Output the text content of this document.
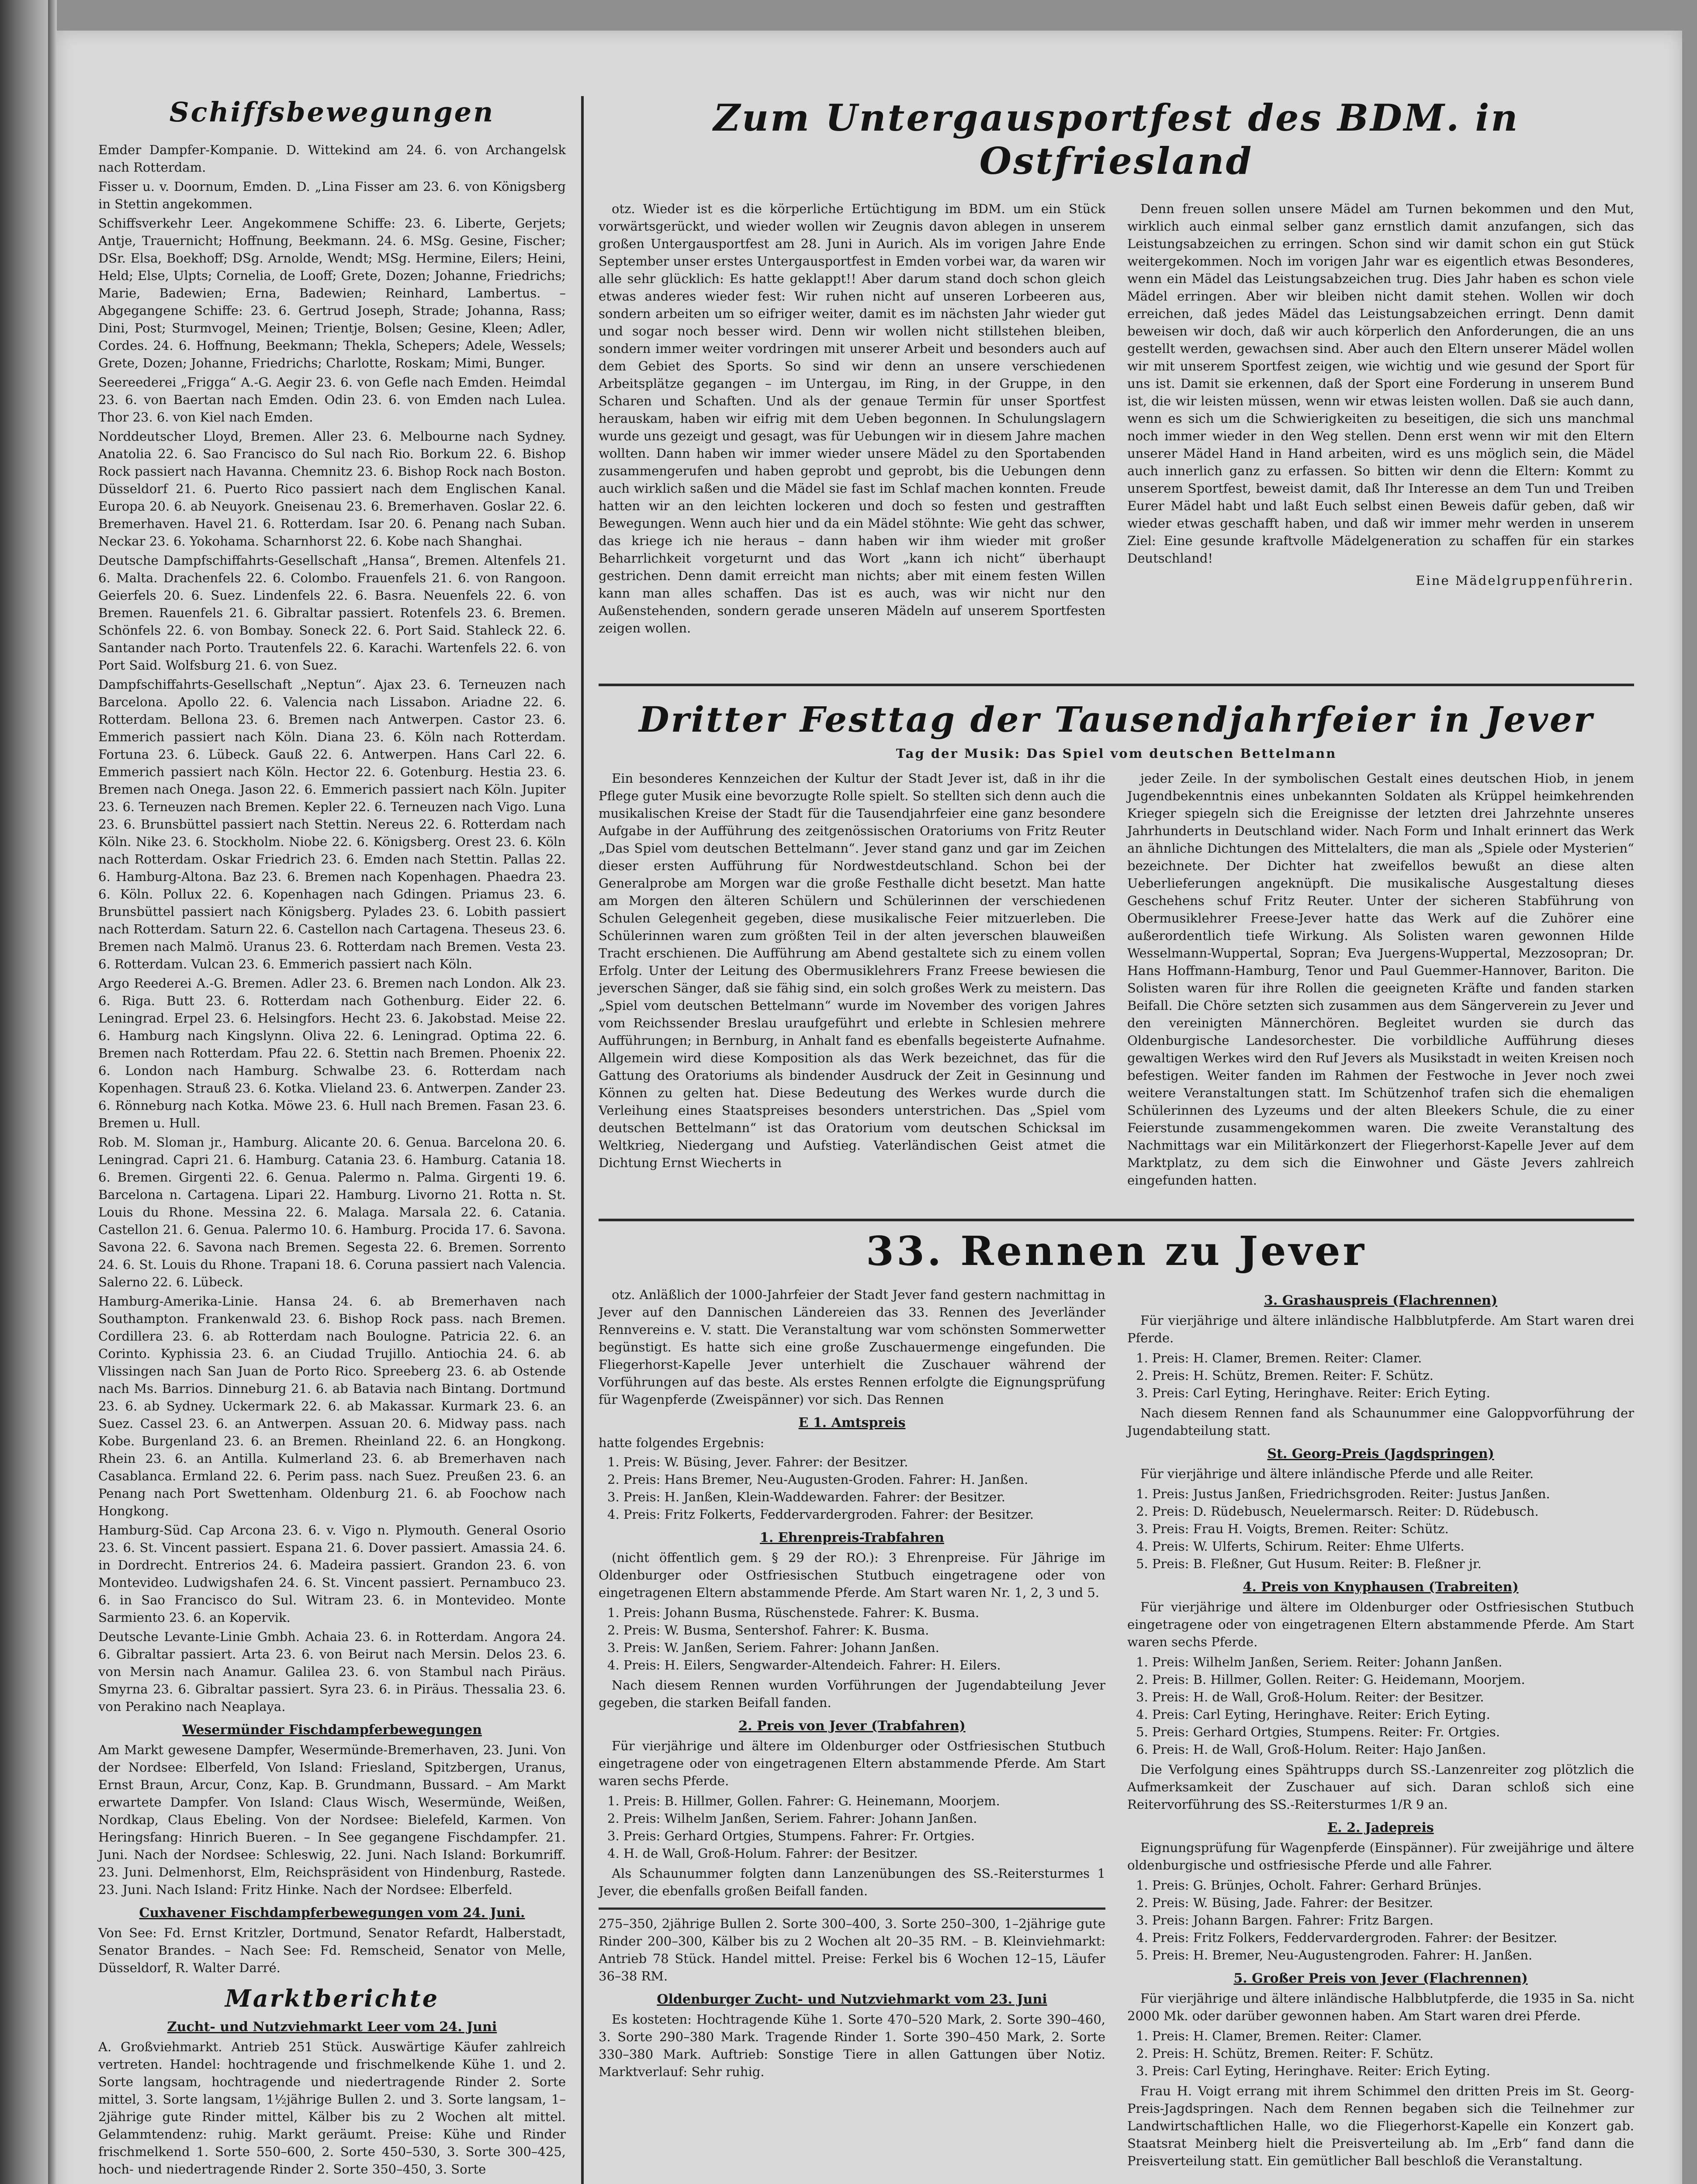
Schiffsbewegungen

Emder Dampfer-Kompanie. D. Wittekind am 24. 6. von Archangelsk nach Rotterdam.

Fisser u. v. Doornum, Emden. D. „Lina Fisser am 23. 6. von Königsberg in Stettin angekommen.

Schiffsverkehr Leer. Angekommene Schiffe: 23. 6. Liberte, Gerjets; Antje, Trauernicht; Hoffnung, Beekmann. 24. 6. MSg. Gesine, Fischer; DSr. Elsa, Boekhoff; DSg. Arnolde, Wendt; MSg. Hermine, Eilers; Heini, Held; Else, Ulpts; Cornelia, de Looff; Grete, Dozen; Johanne, Friedrichs; Marie, Badewien; Erna, Badewien; Reinhard, Lambertus. – Abgegangene Schiffe: 23. 6. Gertrud Joseph, Strade; Johanna, Rass; Dini, Post; Sturmvogel, Meinen; Trientje, Bolsen; Gesine, Kleen; Adler, Cordes. 24. 6. Hoffnung, Beekmann; Thekla, Schepers; Adele, Wessels; Grete, Dozen; Johanne, Friedrichs; Charlotte, Roskam; Mimi, Bunger.

Seereederei „Frigga“ A.-G. Aegir 23. 6. von Gefle nach Emden. Heimdal 23. 6. von Baertan nach Emden. Odin 23. 6. von Emden nach Lulea. Thor 23. 6. von Kiel nach Emden.

Norddeutscher Lloyd, Bremen. Aller 23. 6. Melbourne nach Sydney. Anatolia 22. 6. Sao Francisco do Sul nach Rio. Borkum 22. 6. Bishop Rock passiert nach Havanna. Chemnitz 23. 6. Bishop Rock nach Boston. Düsseldorf 21. 6. Puerto Rico passiert nach dem Englischen Kanal. Europa 20. 6. ab Neuyork. Gneisenau 23. 6. Bremerhaven. Goslar 22. 6. Bremerhaven. Havel 21. 6. Rotterdam. Isar 20. 6. Penang nach Suban. Neckar 23. 6. Yokohama. Scharnhorst 22. 6. Kobe nach Shanghai.

Deutsche Dampfschiffahrts-Gesellschaft „Hansa“, Bremen. Altenfels 21. 6. Malta. Drachenfels 22. 6. Colombo. Frauenfels 21. 6. von Rangoon. Geierfels 20. 6. Suez. Lindenfels 22. 6. Basra. Neuenfels 22. 6. von Bremen. Rauenfels 21. 6. Gibraltar passiert. Rotenfels 23. 6. Bremen. Schönfels 22. 6. von Bombay. Soneck 22. 6. Port Said. Stahleck 22. 6. Santander nach Porto. Trautenfels 22. 6. Karachi. Wartenfels 22. 6. von Port Said. Wolfsburg 21. 6. von Suez.

Dampfschiffahrts-Gesellschaft „Neptun“. Ajax 23. 6. Terneuzen nach Barcelona. Apollo 22. 6. Valencia nach Lissabon. Ariadne 22. 6. Rotterdam. Bellona 23. 6. Bremen nach Antwerpen. Castor 23. 6. Emmerich passiert nach Köln. Diana 23. 6. Köln nach Rotterdam. Fortuna 23. 6. Lübeck. Gauß 22. 6. Antwerpen. Hans Carl 22. 6. Emmerich passiert nach Köln. Hector 22. 6. Gotenburg. Hestia 23. 6. Bremen nach Onega. Jason 22. 6. Emmerich passiert nach Köln. Jupiter 23. 6. Terneuzen nach Bremen. Kepler 22. 6. Terneuzen nach Vigo. Luna 23. 6. Brunsbüttel passiert nach Stettin. Nereus 22. 6. Rotterdam nach Köln. Nike 23. 6. Stockholm. Niobe 22. 6. Königsberg. Orest 23. 6. Köln nach Rotterdam. Oskar Friedrich 23. 6. Emden nach Stettin. Pallas 22. 6. Hamburg-Altona. Baz 23. 6. Bremen nach Kopenhagen. Phaedra 23. 6. Köln. Pollux 22. 6. Kopenhagen nach Gdingen. Priamus 23. 6. Brunsbüttel passiert nach Königsberg. Pylades 23. 6. Lobith passiert nach Rotterdam. Saturn 22. 6. Castellon nach Cartagena. Theseus 23. 6. Bremen nach Malmö. Uranus 23. 6. Rotterdam nach Bremen. Vesta 23. 6. Rotterdam. Vulcan 23. 6. Emmerich passiert nach Köln.

Argo Reederei A.-G. Bremen. Adler 23. 6. Bremen nach London. Alk 23. 6. Riga. Butt 23. 6. Rotterdam nach Gothenburg. Eider 22. 6. Leningrad. Erpel 23. 6. Helsingfors. Hecht 23. 6. Jakobstad. Meise 22. 6. Hamburg nach Kingslynn. Oliva 22. 6. Leningrad. Optima 22. 6. Bremen nach Rotterdam. Pfau 22. 6. Stettin nach Bremen. Phoenix 22. 6. London nach Hamburg. Schwalbe 23. 6. Rotterdam nach Kopenhagen. Strauß 23. 6. Kotka. Vlieland 23. 6. Antwerpen. Zander 23. 6. Rönneburg nach Kotka. Möwe 23. 6. Hull nach Bremen. Fasan 23. 6. Bremen u. Hull.

Rob. M. Sloman jr., Hamburg. Alicante 20. 6. Genua. Barcelona 20. 6. Leningrad. Capri 21. 6. Hamburg. Catania 23. 6. Hamburg. Catania 18. 6. Bremen. Girgenti 22. 6. Genua. Palermo n. Palma. Girgenti 19. 6. Barcelona n. Cartagena. Lipari 22. Hamburg. Livorno 21. Rotta n. St. Louis du Rhone. Messina 22. 6. Malaga. Marsala 22. 6. Catania. Castellon 21. 6. Genua. Palermo 10. 6. Hamburg. Procida 17. 6. Savona. Savona 22. 6. Savona nach Bremen. Segesta 22. 6. Bremen. Sorrento 24. 6. St. Louis du Rhone. Trapani 18. 6. Coruna passiert nach Valencia. Salerno 22. 6. Lübeck.

Hamburg-Amerika-Linie. Hansa 24. 6. ab Bremerhaven nach Southampton. Frankenwald 23. 6. Bishop Rock pass. nach Bremen. Cordillera 23. 6. ab Rotterdam nach Boulogne. Patricia 22. 6. an Corinto. Kyphissia 23. 6. an Ciudad Trujillo. Antiochia 24. 6. ab Vlissingen nach San Juan de Porto Rico. Spreeberg 23. 6. ab Ostende nach Ms. Barrios. Dinneburg 21. 6. ab Batavia nach Bintang. Dortmund 23. 6. ab Sydney. Uckermark 22. 6. ab Makassar. Kurmark 23. 6. an Suez. Cassel 23. 6. an Antwerpen. Assuan 20. 6. Midway pass. nach Kobe. Burgenland 23. 6. an Bremen. Rheinland 22. 6. an Hongkong. Rhein 23. 6. an Antilla. Kulmerland 23. 6. ab Bremerhaven nach Casablanca. Ermland 22. 6. Perim pass. nach Suez. Preußen 23. 6. an Penang nach Port Swettenham. Oldenburg 21. 6. ab Foochow nach Hongkong.

Hamburg-Süd. Cap Arcona 23. 6. v. Vigo n. Plymouth. General Osorio 23. 6. St. Vincent passiert. Espana 21. 6. Dover passiert. Amassia 24. 6. in Dordrecht. Entrerios 24. 6. Madeira passiert. Grandon 23. 6. von Montevideo. Ludwigshafen 24. 6. St. Vincent passiert. Pernambuco 23. 6. in Sao Francisco do Sul. Witram 23. 6. in Montevideo. Monte Sarmiento 23. 6. an Kopervik.

Deutsche Levante-Linie Gmbh. Achaia 23. 6. in Rotterdam. Angora 24. 6. Gibraltar passiert. Arta 23. 6. von Beirut nach Mersin. Delos 23. 6. von Mersin nach Anamur. Galilea 23. 6. von Stambul nach Piräus. Smyrna 23. 6. Gibraltar passiert. Syra 23. 6. in Piräus. Thessalia 23. 6. von Perakino nach Neaplaya.

Wesermünder Fischdampferbewegungen

Am Markt gewesene Dampfer, Wesermünde-Bremerhaven, 23. Juni. Von der Nordsee: Elberfeld, Von Island: Friesland, Spitzbergen, Uranus, Ernst Braun, Arcur, Conz, Kap. B. Grundmann, Bussard. – Am Markt erwartete Dampfer. Von Island: Claus Wisch, Wesermünde, Weißen, Nordkap, Claus Ebeling. Von der Nordsee: Bielefeld, Karmen. Von Heringsfang: Hinrich Bueren. – In See gegangene Fischdampfer. 21. Juni. Nach der Nordsee: Schleswig, 22. Juni. Nach Island: Borkumriff. 23. Juni. Delmenhorst, Elm, Reichspräsident von Hindenburg, Rastede. 23. Juni. Nach Island: Fritz Hinke. Nach der Nordsee: Elberfeld.

Cuxhavener Fischdampferbewegungen vom 24. Juni.

Von See: Fd. Ernst Kritzler, Dortmund, Senator Refardt, Halberstadt, Senator Brandes. – Nach See: Fd. Remscheid, Senator von Melle, Düsseldorf, R. Walter Darré.

Marktberichte
Zucht- und Nutzviehmarkt Leer vom 24. Juni

A. Großviehmarkt. Antrieb 251 Stück. Auswärtige Käufer zahlreich vertreten. Handel: hochtragende und frischmelkende Kühe 1. und 2. Sorte langsam, hochtragende und niedertragende Rinder 2. Sorte mittel, 3. Sorte langsam, 1½jährige Bullen 2. und 3. Sorte langsam, 1–2jährige gute Rinder mittel, Kälber bis zu 2 Wochen alt mittel. Gelammtendenz: ruhig. Markt geräumt. Preise: Kühe und Rinder frischmelkend 1. Sorte 550–600, 2. Sorte 450–530, 3. Sorte 300–425, hoch- und niedertragende Rinder 2. Sorte 350–450, 3. Sorte

Zum Untergausportfest des BDM. in Ostfriesland

otz. Wieder ist es die körperliche Ertüchtigung im BDM. um ein Stück vorwärtsgerückt, und wieder wollen wir Zeugnis davon ablegen in unserem großen Untergausportfest am 28. Juni in Aurich. Als im vorigen Jahre Ende September unser erstes Untergausportfest in Emden vorbei war, da waren wir alle sehr glücklich: Es hatte geklappt!! Aber darum stand doch schon gleich etwas anderes wieder fest: Wir ruhen nicht auf unseren Lorbeeren aus, sondern arbeiten um so eifriger weiter, damit es im nächsten Jahr wieder gut und sogar noch besser wird. Denn wir wollen nicht stillstehen bleiben, sondern immer weiter vordringen mit unserer Arbeit und besonders auch auf dem Gebiet des Sports. So sind wir denn an unsere verschiedenen Arbeitsplätze gegangen – im Untergau, im Ring, in der Gruppe, in den Scharen und Schaften. Und als der genaue Termin für unser Sportfest herauskam, haben wir eifrig mit dem Ueben begonnen. In Schulungslagern wurde uns gezeigt und gesagt, was für Uebungen wir in diesem Jahre machen wollten. Dann haben wir immer wieder unsere Mädel zu den Sportabenden zusammengerufen und haben geprobt und geprobt, bis die Uebungen denn auch wirklich saßen und die Mädel sie fast im Schlaf machen konnten. Freude hatten wir an den leichten lockeren und doch so festen und gestrafften Bewegungen. Wenn auch hier und da ein Mädel stöhnte: Wie geht das schwer, das kriege ich nie heraus – dann haben wir ihm wieder mit großer Beharrlichkeit vorgeturnt und das Wort „kann ich nicht“ überhaupt gestrichen. Denn damit erreicht man nichts; aber mit einem festen Willen kann man alles schaffen. Das ist es auch, was wir nicht nur den Außenstehenden, sondern gerade unseren Mädeln auf unserem Sportfesten zeigen wollen.

Denn freuen sollen unsere Mädel am Turnen bekommen und den Mut, wirklich auch einmal selber ganz ernstlich damit anzufangen, sich das Leistungsabzeichen zu erringen. Schon sind wir damit schon ein gut Stück weitergekommen. Noch im vorigen Jahr war es eigentlich etwas Besonderes, wenn ein Mädel das Leistungsabzeichen trug. Dies Jahr haben es schon viele Mädel erringen. Aber wir bleiben nicht damit stehen. Wollen wir doch erreichen, daß jedes Mädel das Leistungsabzeichen erringt. Denn damit beweisen wir doch, daß wir auch körperlich den Anforderungen, die an uns gestellt werden, gewachsen sind. Aber auch den Eltern unserer Mädel wollen wir mit unserem Sportfest zeigen, wie wichtig und wie gesund der Sport für uns ist. Damit sie erkennen, daß der Sport eine Forderung in unserem Bund ist, die wir leisten müssen, wenn wir etwas leisten wollen. Daß sie auch dann, wenn es sich um die Schwierigkeiten zu beseitigen, die sich uns manchmal noch immer wieder in den Weg stellen. Denn erst wenn wir mit den Eltern unserer Mädel Hand in Hand arbeiten, wird es uns möglich sein, die Mädel auch innerlich ganz zu erfassen. So bitten wir denn die Eltern: Kommt zu unserem Sportfest, beweist damit, daß Ihr Interesse an dem Tun und Treiben Eurer Mädel habt und laßt Euch selbst einen Beweis dafür geben, daß wir wieder etwas geschafft haben, und daß wir immer mehr werden in unserem Ziel: Eine gesunde kraftvolle Mädelgeneration zu schaffen für ein starkes Deutschland!

Eine Mädelgruppenführerin.
Dritter Festtag der Tausendjahrfeier in Jever
Tag der Musik: Das Spiel vom deutschen Bettelmann

Ein besonderes Kennzeichen der Kultur der Stadt Jever ist, daß in ihr die Pflege guter Musik eine bevorzugte Rolle spielt. So stellten sich denn auch die musikalischen Kreise der Stadt für die Tausendjahrfeier eine ganz besondere Aufgabe in der Aufführung des zeitgenössischen Oratoriums von Fritz Reuter „Das Spiel vom deutschen Bettelmann“. Jever stand ganz und gar im Zeichen dieser ersten Aufführung für Nordwestdeutschland. Schon bei der Generalprobe am Morgen war die große Festhalle dicht besetzt. Man hatte am Morgen den älteren Schülern und Schülerinnen der verschiedenen Schulen Gelegenheit gegeben, diese musikalische Feier mitzuerleben. Die Schülerinnen waren zum größten Teil in der alten jeverschen blauweißen Tracht erschienen. Die Aufführung am Abend gestaltete sich zu einem vollen Erfolg. Unter der Leitung des Obermusiklehrers Franz Freese bewiesen die jeverschen Sänger, daß sie fähig sind, ein solch großes Werk zu meistern. Das „Spiel vom deutschen Bettelmann“ wurde im November des vorigen Jahres vom Reichssender Breslau uraufgeführt und erlebte in Schlesien mehrere Aufführungen; in Bernburg, in Anhalt fand es ebenfalls begeisterte Aufnahme. Allgemein wird diese Komposition als das Werk bezeichnet, das für die Gattung des Oratoriums als bindender Ausdruck der Zeit in Gesinnung und Können zu gelten hat. Diese Bedeutung des Werkes wurde durch die Verleihung eines Staatspreises besonders unterstrichen. Das „Spiel vom deutschen Bettelmann“ ist das Oratorium vom deutschen Schicksal im Weltkrieg, Niedergang und Aufstieg. Vaterländischen Geist atmet die Dichtung Ernst Wiecherts in

jeder Zeile. In der symbolischen Gestalt eines deutschen Hiob, in jenem Jugendbekenntnis eines unbekannten Soldaten als Krüppel heimkehrenden Krieger spiegeln sich die Ereignisse der letzten drei Jahrzehnte unseres Jahrhunderts in Deutschland wider. Nach Form und Inhalt erinnert das Werk an ähnliche Dichtungen des Mittelalters, die man als „Spiele oder Mysterien“ bezeichnete. Der Dichter hat zweifellos bewußt an diese alten Ueberlieferungen angeknüpft. Die musikalische Ausgestaltung dieses Geschehens schuf Fritz Reuter. Unter der sicheren Stabführung von Obermusiklehrer Freese-Jever hatte das Werk auf die Zuhörer eine außerordentlich tiefe Wirkung. Als Solisten waren gewonnen Hilde Wesselmann-Wuppertal, Sopran; Eva Juergens-Wuppertal, Mezzosopran; Dr. Hans Hoffmann-Hamburg, Tenor und Paul Guemmer-Hannover, Bariton. Die Solisten waren für ihre Rollen die geeigneten Kräfte und fanden starken Beifall. Die Chöre setzten sich zusammen aus dem Sängerverein zu Jever und den vereinigten Männerchören. Begleitet wurden sie durch das Oldenburgische Landesorchester. Die vorbildliche Aufführung dieses gewaltigen Werkes wird den Ruf Jevers als Musikstadt in weiten Kreisen noch befestigen. Weiter fanden im Rahmen der Festwoche in Jever noch zwei weitere Veranstaltungen statt. Im Schützenhof trafen sich die ehemaligen Schülerinnen des Lyzeums und der alten Bleekers Schule, die zu einer Feierstunde zusammengekommen waren. Die zweite Veranstaltung des Nachmittags war ein Militärkonzert der Fliegerhorst-Kapelle Jever auf dem Marktplatz, zu dem sich die Einwohner und Gäste Jevers zahlreich eingefunden hatten.

33. Rennen zu Jever

otz. Anläßlich der 1000-Jahrfeier der Stadt Jever fand gestern nachmittag in Jever auf den Dannischen Ländereien das 33. Rennen des Jeverländer Rennvereins e. V. statt. Die Veranstaltung war vom schönsten Sommerwetter begünstigt. Es hatte sich eine große Zuschauermenge eingefunden. Die Fliegerhorst-Kapelle Jever unterhielt die Zuschauer während der Vorführungen auf das beste. Als erstes Rennen erfolgte die Eignungsprüfung für Wagenpferde (Zweispänner) vor sich. Das Rennen

E 1. Amtspreis

hatte folgendes Ergebnis:

1. Preis: W. Büsing, Jever. Fahrer: der Besitzer.
2. Preis: Hans Bremer, Neu-Augusten-Groden. Fahrer: H. Janßen.
3. Preis: H. Janßen, Klein-Waddewarden. Fahrer: der Besitzer.
4. Preis: Fritz Folkerts, Feddervardergroden. Fahrer: der Besitzer.
1. Ehrenpreis-Trabfahren

(nicht öffentlich gem. § 29 der RO.): 3 Ehrenpreise. Für Jährige im Oldenburger oder Ostfriesischen Stutbuch eingetragene oder von eingetragenen Eltern abstammende Pferde. Am Start waren Nr. 1, 2, 3 und 5.

1. Preis: Johann Busma, Rüschenstede. Fahrer: K. Busma.
2. Preis: W. Busma, Sentershof. Fahrer: K. Busma.
3. Preis: W. Janßen, Seriem. Fahrer: Johann Janßen.
4. Preis: H. Eilers, Sengwarder-Altendeich. Fahrer: H. Eilers.

Nach diesem Rennen wurden Vorführungen der Jugendabteilung Jever gegeben, die starken Beifall fanden.

2. Preis von Jever (Trabfahren)

Für vierjährige und ältere im Oldenburger oder Ostfriesischen Stutbuch eingetragene oder von eingetragenen Eltern abstammende Pferde. Am Start waren sechs Pferde.

1. Preis: B. Hillmer, Gollen. Fahrer: G. Heinemann, Moorjem.
2. Preis: Wilhelm Janßen, Seriem. Fahrer: Johann Janßen.
3. Preis: Gerhard Ortgies, Stumpens. Fahrer: Fr. Ortgies.
4. H. de Wall, Groß-Holum. Fahrer: der Besitzer.

Als Schaunummer folgten dann Lanzenübungen des SS.-Reitersturmes 1 Jever, die ebenfalls großen Beifall fanden.

275–350, 2jährige Bullen 2. Sorte 300–400, 3. Sorte 250–300, 1–2jährige gute Rinder 200–300, Kälber bis zu 2 Wochen alt 20–35 RM. – B. Kleinviehmarkt: Antrieb 78 Stück. Handel mittel. Preise: Ferkel bis 6 Wochen 12–15, Läufer 36–38 RM.

Oldenburger Zucht- und Nutzviehmarkt vom 23. Juni

Es kosteten: Hochtragende Kühe 1. Sorte 470–520 Mark, 2. Sorte 390–460, 3. Sorte 290–380 Mark. Tragende Rinder 1. Sorte 390–450 Mark, 2. Sorte 330–380 Mark. Auftrieb: Sonstige Tiere in allen Gattungen über Notiz. Marktverlauf: Sehr ruhig.

3. Grashauspreis (Flachrennen)

Für vierjährige und ältere inländische Halbblutpferde. Am Start waren drei Pferde.

1. Preis: H. Clamer, Bremen. Reiter: Clamer.
2. Preis: H. Schütz, Bremen. Reiter: F. Schütz.
3. Preis: Carl Eyting, Heringhave. Reiter: Erich Eyting.

Nach diesem Rennen fand als Schaunummer eine Galoppvorführung der Jugendabteilung statt.

St. Georg-Preis (Jagdspringen)

Für vierjährige und ältere inländische Pferde und alle Reiter.

1. Preis: Justus Janßen, Friedrichsgroden. Reiter: Justus Janßen.
2. Preis: D. Rüdebusch, Neuelermarsch. Reiter: D. Rüdebusch.
3. Preis: Frau H. Voigts, Bremen. Reiter: Schütz.
4. Preis: W. Ulferts, Schirum. Reiter: Ehme Ulferts.
5. Preis: B. Fleßner, Gut Husum. Reiter: B. Fleßner jr.
4. Preis von Knyphausen (Trabreiten)

Für vierjährige und ältere im Oldenburger oder Ostfriesischen Stutbuch eingetragene oder von eingetragenen Eltern abstammende Pferde. Am Start waren sechs Pferde.

1. Preis: Wilhelm Janßen, Seriem. Reiter: Johann Janßen.
2. Preis: B. Hillmer, Gollen. Reiter: G. Heidemann, Moorjem.
3. Preis: H. de Wall, Groß-Holum. Reiter: der Besitzer.
4. Preis: Carl Eyting, Heringhave. Reiter: Erich Eyting.
5. Preis: Gerhard Ortgies, Stumpens. Reiter: Fr. Ortgies.
6. Preis: H. de Wall, Groß-Holum. Reiter: Hajo Janßen.

Die Verfolgung eines Spähtrupps durch SS.-Lanzenreiter zog plötzlich die Aufmerksamkeit der Zuschauer auf sich. Daran schloß sich eine Reitervorführung des SS.-Reitersturmes 1/R 9 an.

E. 2. Jadepreis

Eignungsprüfung für Wagenpferde (Einspänner). Für zweijährige und ältere oldenburgische und ostfriesische Pferde und alle Fahrer.

1. Preis: G. Brünjes, Ocholt. Fahrer: Gerhard Brünjes.
2. Preis: W. Büsing, Jade. Fahrer: der Besitzer.
3. Preis: Johann Bargen. Fahrer: Fritz Bargen.
4. Preis: Fritz Folkers, Feddervardergroden. Fahrer: der Besitzer.
5. Preis: H. Bremer, Neu-Augustengroden. Fahrer: H. Janßen.
5. Großer Preis von Jever (Flachrennen)

Für vierjährige und ältere inländische Halbblutpferde, die 1935 in Sa. nicht 2000 Mk. oder darüber gewonnen haben. Am Start waren drei Pferde.

1. Preis: H. Clamer, Bremen. Reiter: Clamer.
2. Preis: H. Schütz, Bremen. Reiter: F. Schütz.
3. Preis: Carl Eyting, Heringhave. Reiter: Erich Eyting.

Frau H. Voigt errang mit ihrem Schimmel den dritten Preis im St. Georg-Preis-Jagdspringen. Nach dem Rennen begaben sich die Teilnehmer zur Landwirtschaftlichen Halle, wo die Fliegerhorst-Kapelle ein Konzert gab. Staatsrat Meinberg hielt die Preisverteilung ab. Im „Erb“ fand dann die Preisverteilung statt. Ein gemütlicher Ball beschloß die Veranstaltung.
